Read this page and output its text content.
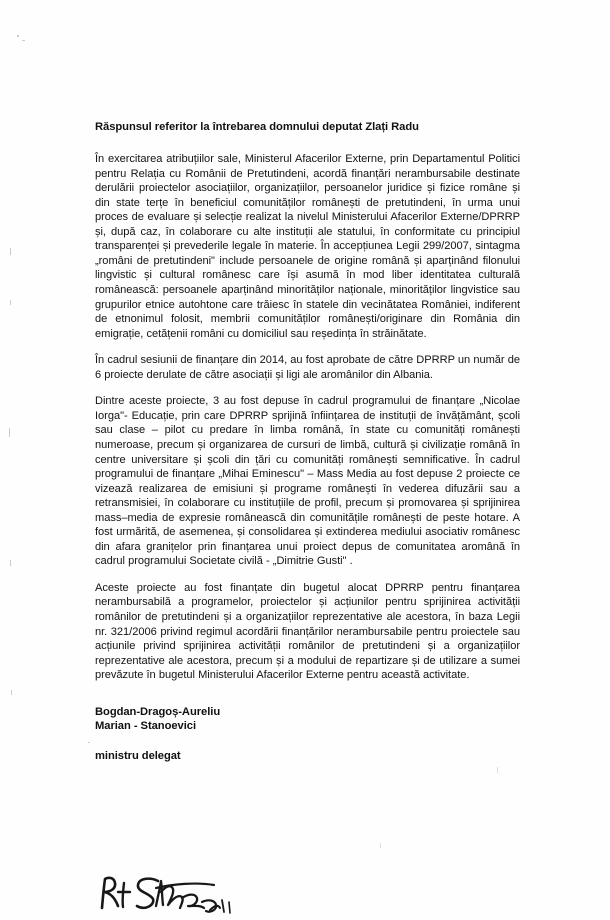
Răspunsul referitor la întrebarea domnului deputat Zlați Radu

În exercitarea atribuțiilor sale, Ministerul Afacerilor Externe, prin Departamentul Politici pentru Relația cu Românii de Pretutindeni, acordă finanțări nerambursabile destinate derulării proiectelor asociațiilor, organizațiilor, persoanelor juridice și fizice române și din state terțe în beneficiul comunităților românești de pretutindeni, în urma unui proces de evaluare și selecție realizat la nivelul Ministerului Afacerilor Externe/DPRRP și, după caz, în colaborare cu alte instituții ale statului, în conformitate cu principiul transparenței și prevederile legale în materie. În accepțiunea Legii 299/2007, sintagma „români de pretutindeni" include persoanele de origine română și aparținând filonului lingvistic și cultural românesc care își asumă în mod liber identitatea culturală românească: persoanele aparținând minorităților naționale, minorităților lingvistice sau grupurilor etnice autohtone care trăiesc în statele din vecinătatea României, indiferent de etnonimul folosit, membrii comunităților românești/originare din România din emigrație, cetățenii români cu domiciliul sau reședința în străinătate.

În cadrul sesiunii de finanțare din 2014, au fost aprobate de către DPRRP un număr de 6 proiecte derulate de către asociații și ligi ale aromânilor din Albania.

Dintre aceste proiecte, 3 au fost depuse în cadrul programului de finanțare „Nicolae Iorga"- Educație, prin care DPRRP sprijină înființarea de instituții de învățământ, școli sau clase – pilot cu predare în limba română, în state cu comunități românești numeroase, precum și organizarea de cursuri de limbă, cultură și civilizație română în centre universitare și școli din țări cu comunități românești semnificative. În cadrul programului de finanțare „Mihai Eminescu" – Mass Media au fost depuse 2 proiecte ce vizează realizarea de emisiuni și programe românești în vederea difuzării sau a retransmisiei, în colaborare cu instituțiile de profil, precum și promovarea și sprijinirea mass–media de expresie românească din comunitățile românești de peste hotare. A fost urmărită, de asemenea, și consolidarea și extinderea mediului asociativ românesc din afara granițelor prin finanțarea unui proiect depus de comunitatea aromână în cadrul programului Societate civilă - „Dimitrie Gusti" .

Aceste proiecte au fost finanțate din bugetul alocat DPRRP pentru finanțarea nerambursabilă a programelor, proiectelor și acțiunilor pentru sprijinirea activității românilor de pretutindeni și a organizațiilor reprezentative ale acestora, în baza Legii nr. 321/2006 privind regimul acordării finanțărilor nerambursabile pentru proiectele sau acțiunile privind sprijinirea activității românilor de pretutindeni și a organizațiilor reprezentative ale acestora, precum și a modului de repartizare și de utilizare a sumei prevăzute în bugetul Ministerului Afacerilor Externe pentru această activitate.

Bogdan-Dragoș-Aureliu
Marian - Stanoevici
ministru delegat
